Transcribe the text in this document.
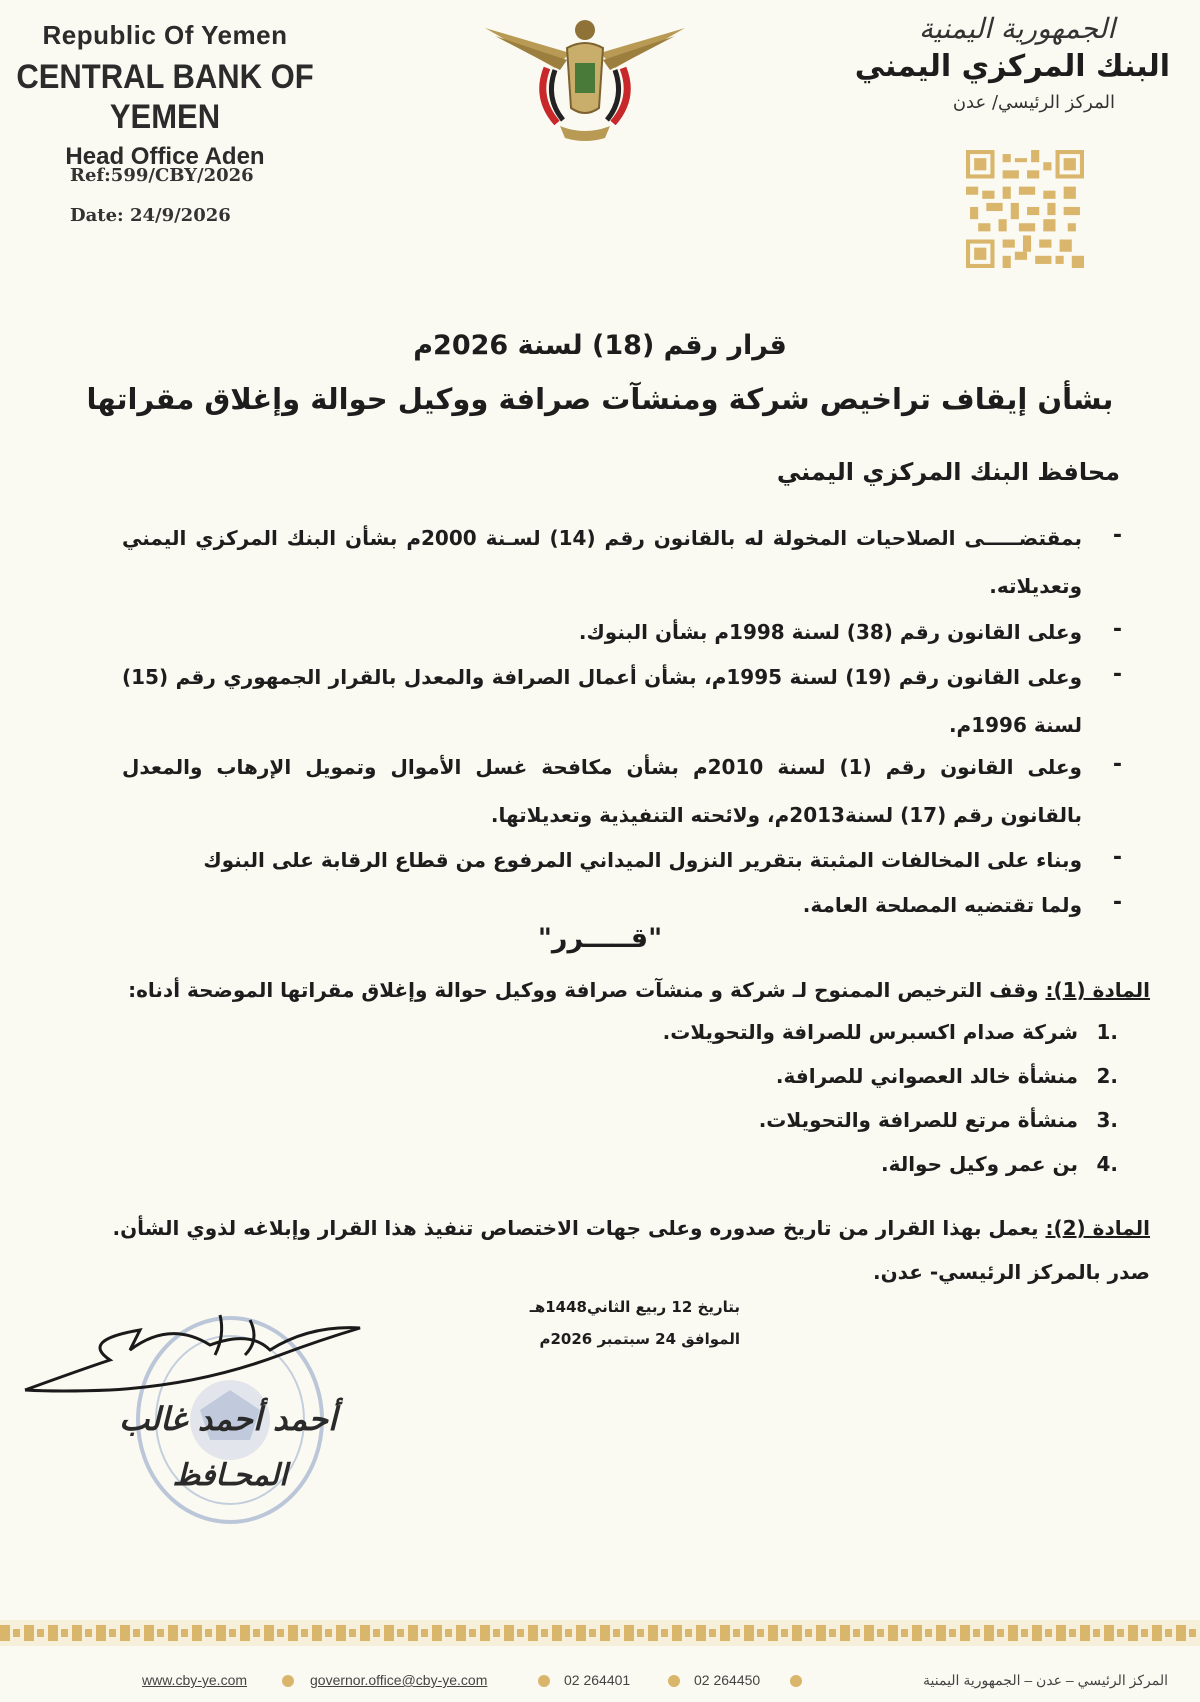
Republic Of Yemen
CENTRAL BANK OF YEMEN
Head Office Aden
Ref:599/CBY/2026
Date: 24/9/2026
الجمهورية اليمنية
البنك المركزي اليمني
المركز الرئيسي/ عدن
قرار رقم (18) لسنة 2026م
بشأن إيقاف تراخيص شركة ومنشآت صرافة ووكيل حوالة وإغلاق مقراتها
محافظ البنك المركزي اليمني
-
بمقتضـــــى الصلاحيات المخولة له بالقانون رقم (14) لسـنة 2000م بشأن البنك المركزي اليمني وتعديلاته.
-
وعلى القانون رقم (38) لسنة 1998م بشأن البنوك.
-
وعلى القانون رقم (19) لسنة 1995م، بشأن أعمال الصرافة والمعدل بالقرار الجمهوري رقم (15) لسنة 1996م.
-
وعلى القانون رقم (1) لسنة 2010م بشأن مكافحة غسل الأموال وتمويل الإرهاب والمعدل بالقانون رقم (17) لسنة2013م، ولائحته التنفيذية وتعديلاتها.
-
وبناء على المخالفات المثبتة بتقرير النزول الميداني المرفوع من قطاع الرقابة على البنوك
-
ولما تقتضيه المصلحة العامة.
"قـــــرر"
المادة (1): وقف الترخيص الممنوح لـ شركة و منشآت صرافة ووكيل حوالة وإغلاق مقراتها الموضحة أدناه:
1.
شركة صدام اكسبرس للصرافة والتحويلات.
2.
منشأة خالد العصواني للصرافة.
3.
منشأة مرتع للصرافة والتحويلات.
4.
بن عمر وكيل حوالة.
المادة (2): يعمل بهذا القرار من تاريخ صدوره وعلى جهات الاختصاص تنفيذ هذا القرار وإبلاغه لذوي الشأن.
صدر بالمركز الرئيسي- عدن.
بتاريخ 12 ربيع الثاني1448هـ
الموافق 24 سبتمبر 2026م
أحمد أحمد غالب
المحـافظ
www.cby-ye.com	governor.office@cby-ye.com	02 264401	02 264450	المركز الرئيسي – عدن – الجمهورية اليمنية
